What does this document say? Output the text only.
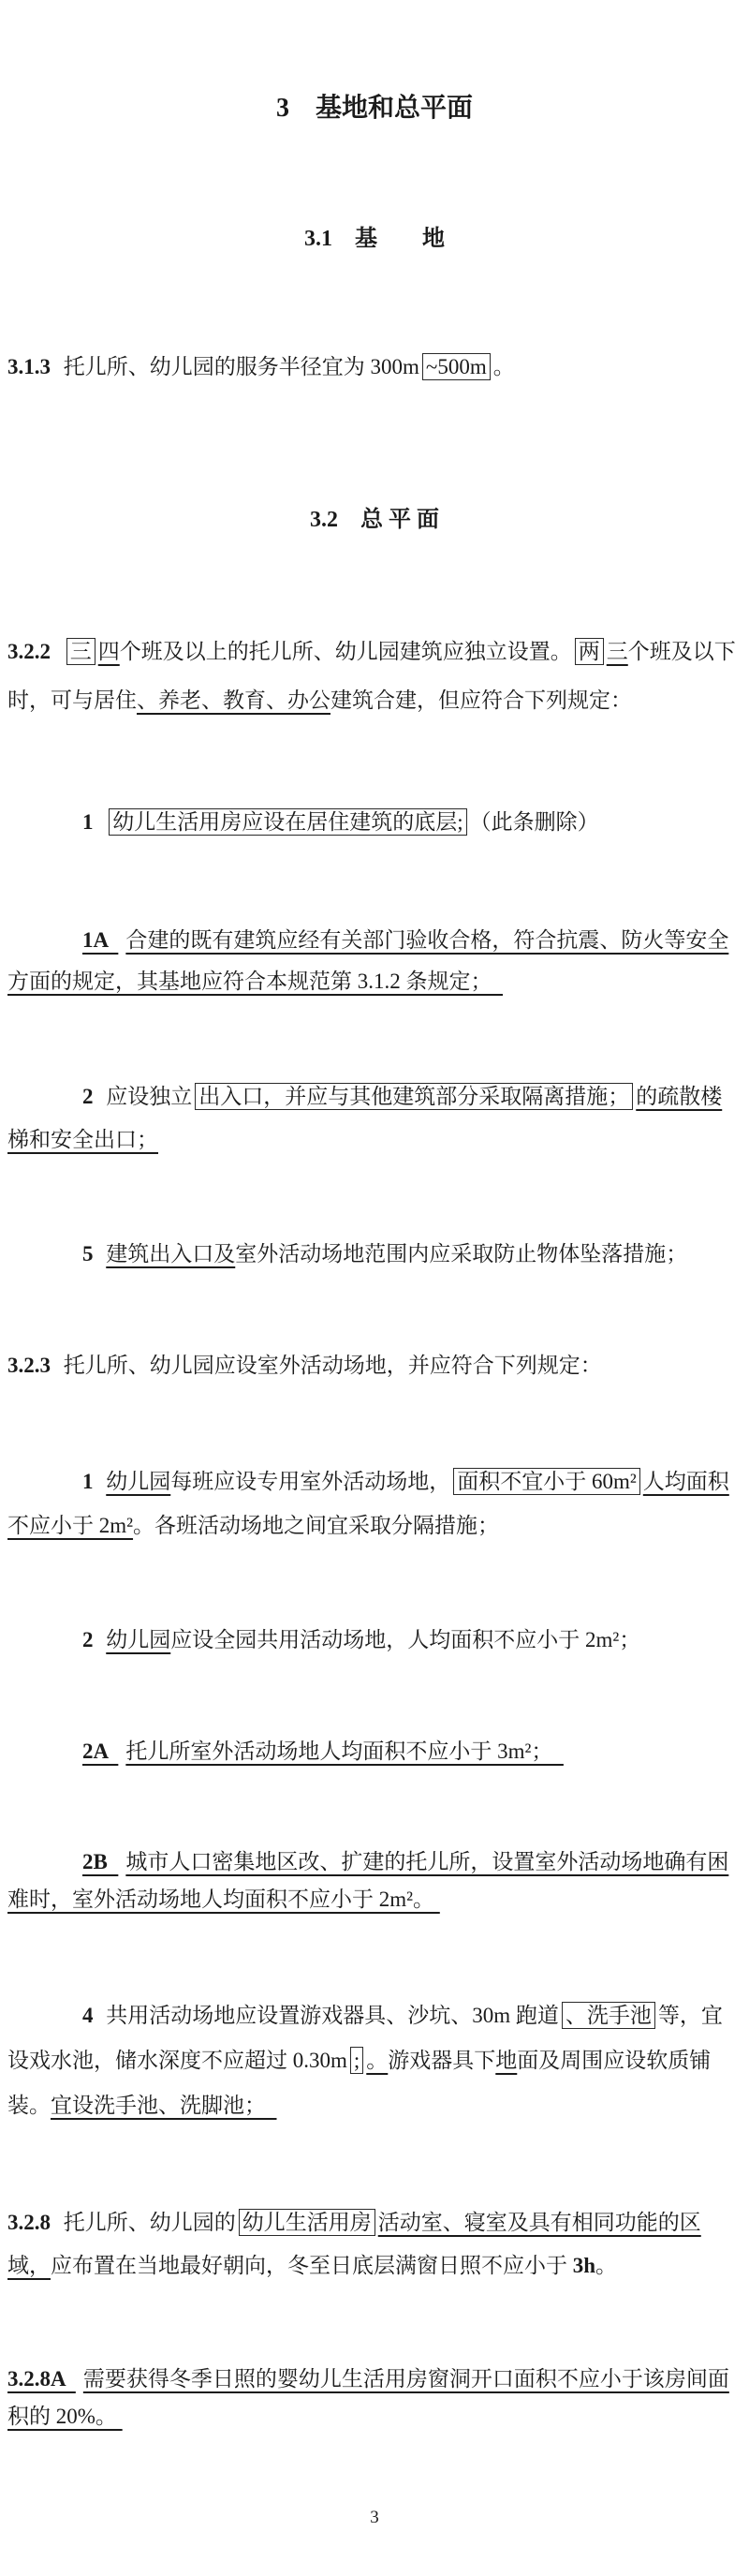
3　基地和总平面

3.1　基　　地

3.1.3 托儿所、幼儿园的服务半径宜为 300m ~500m 。

3.2　总 平 面

3.2.2 三 四个班及以上的托儿所、幼儿园建筑应独立设置。 两 三个班及以下时，可与居住、养老、教育、办公建筑合建，但应符合下列规定：

1 幼儿生活用房应设在居住建筑的底层; （此条删除）

1A  合建的既有建筑应经有关部门验收合格，符合抗震、防火等安全方面的规定，其基地应符合本规范第 3.1.2 条规定；

2 应设独立 出入口，并应与其他建筑部分采取隔离措施； 的疏散楼梯和安全出口；

5 建筑出入口及室外活动场地范围内应采取防止物体坠落措施；

3.2.3 托儿所、幼儿园应设室外活动场地，并应符合下列规定：

1 幼儿园每班应设专用室外活动场地， 面积不宜小于 60m² 人均面积不应小于 2m²。各班活动场地之间宜采取分隔措施；

2 幼儿园应设全园共用活动场地，人均面积不应小于 2m²；

2A  托儿所室外活动场地人均面积不应小于 3m²；

2B  城市人口密集地区改、扩建的托儿所，设置室外活动场地确有困难时，室外活动场地人均面积不应小于 2m²。

4 共用活动场地应设置游戏器具、沙坑、30m 跑道 、洗手池 等，宜设戏水池，储水深度不应超过 0.30m ; 。游戏器具下地面及周围应设软质铺装。宜设洗手池、洗脚池；

3.2.8 托儿所、幼儿园的 幼儿生活用房 活动室、寝室及具有相同功能的区域，应布置在当地最好朝向，冬至日底层满窗日照不应小于 3h。

3.2.8A  需要获得冬季日照的婴幼儿生活用房窗洞开口面积不应小于该房间面积的 20%。

3
